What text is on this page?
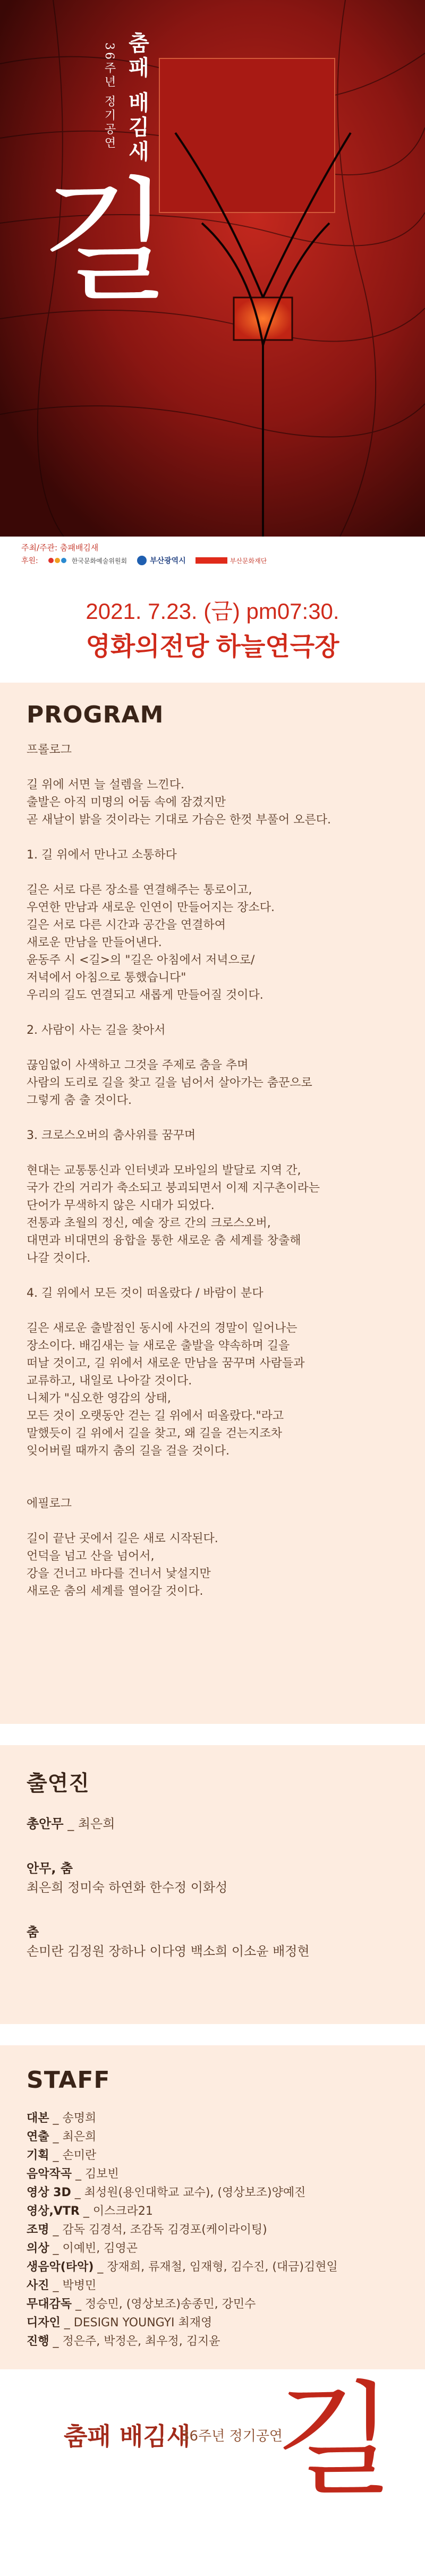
36주년 정기공연 춤패 배김새
길
주최/주관: 춤패배김새
후원:	한국문화예술위원회	부산광역시	부산문화재단
2021. 7.23. (금) pm07:30.
영화의전당 하늘연극장
PROGRAM

프롤로그

길 위에 서면 늘 설렘을 느낀다.
출발은 아직 미명의 어둠 속에 잠겼지만
곧 새날이 밝을 것이라는 기대로 가슴은 한껏 부풀어 오른다.

1. 길 위에서 만나고 소통하다

길은 서로 다른 장소를 연결해주는 통로이고,
우연한 만남과 새로운 인연이 만들어지는 장소다.
길은 서로 다른 시간과 공간을 연결하여
새로운 만남을 만들어낸다.
윤동주 시 <길>의 "길은 아침에서 저녁으로/
저녁에서 아침으로 통했습니다"
우리의 길도 연결되고 새롭게 만들어질 것이다.

2. 사람이 사는 길을 찾아서

끊임없이 사색하고 그것을 주제로 춤을 추며
사람의 도리로 길을 찾고 길을 넘어서 살아가는 춤꾼으로
그렇게 춤 출 것이다.

3. 크로스오버의 춤사위를 꿈꾸며

현대는 교통통신과 인터넷과 모바일의 발달로 지역 간,
국가 간의 거리가 축소되고 붕괴되면서 이제 지구촌이라는
단어가 무색하지 않은 시대가 되었다.
전통과 초월의 정신, 예술 장르 간의 크로스오버,
대면과 비대면의 융합을 통한 새로운 춤 세계를 창출해
나갈 것이다.

4. 길 위에서 모든 것이 떠올랐다 / 바람이 분다

길은 새로운 출발점인 동시에 사건의 경말이 일어나는
장소이다. 배김새는 늘 새로운 출발을 약속하며 길을
떠날 것이고, 길 위에서 새로운 만남을 꿈꾸며 사람들과
교류하고, 내일로 나아갈 것이다.
니체가 "심오한 영감의 상태,
모든 것이 오랫동안 걷는 길 위에서 떠올랐다."라고
말했듯이 길 위에서 길을 찾고, 왜 길을 걷는지조차
잊어버릴 때까지 춤의 길을 걸을 것이다.

에필로그

길이 끝난 곳에서 길은 새로 시작된다.
언덕을 넘고 산을 넘어서,
강을 건너고 바다를 건너서 낯설지만
새로운 춤의 세계를 열어갈 것이다.

출연진
총안무 _ 최은희
안무, 춤
최은희 정미숙 하연화 한수정 이화성
춤
손미란 김정원 장하나 이다영 백소희 이소윤 배정현
STAFF
대본 _ 송명희
연출 _ 최은희
기획 _ 손미란
음악작곡 _ 김보빈
영상 3D _ 최성원(용인대학교 교수), (영상보조)양예진
영상,VTR _ 이스크라21
조명 _ 감독 김경석, 조감독 김경포(케이라이팅)
의상 _ 이예빈, 김영곤
생음악(타악) _ 장재희, 류재철, 임재형, 김수진, (대금)김현일
사진 _ 박병민
무대감독 _ 정승민, (영상보조)송종민, 강민수
디자인 _ DESIGN YOUNGYI 최재영
진행 _ 정은주, 박정은, 최우정, 김지윤
춤패 배김새
36주년 정기공연
길
